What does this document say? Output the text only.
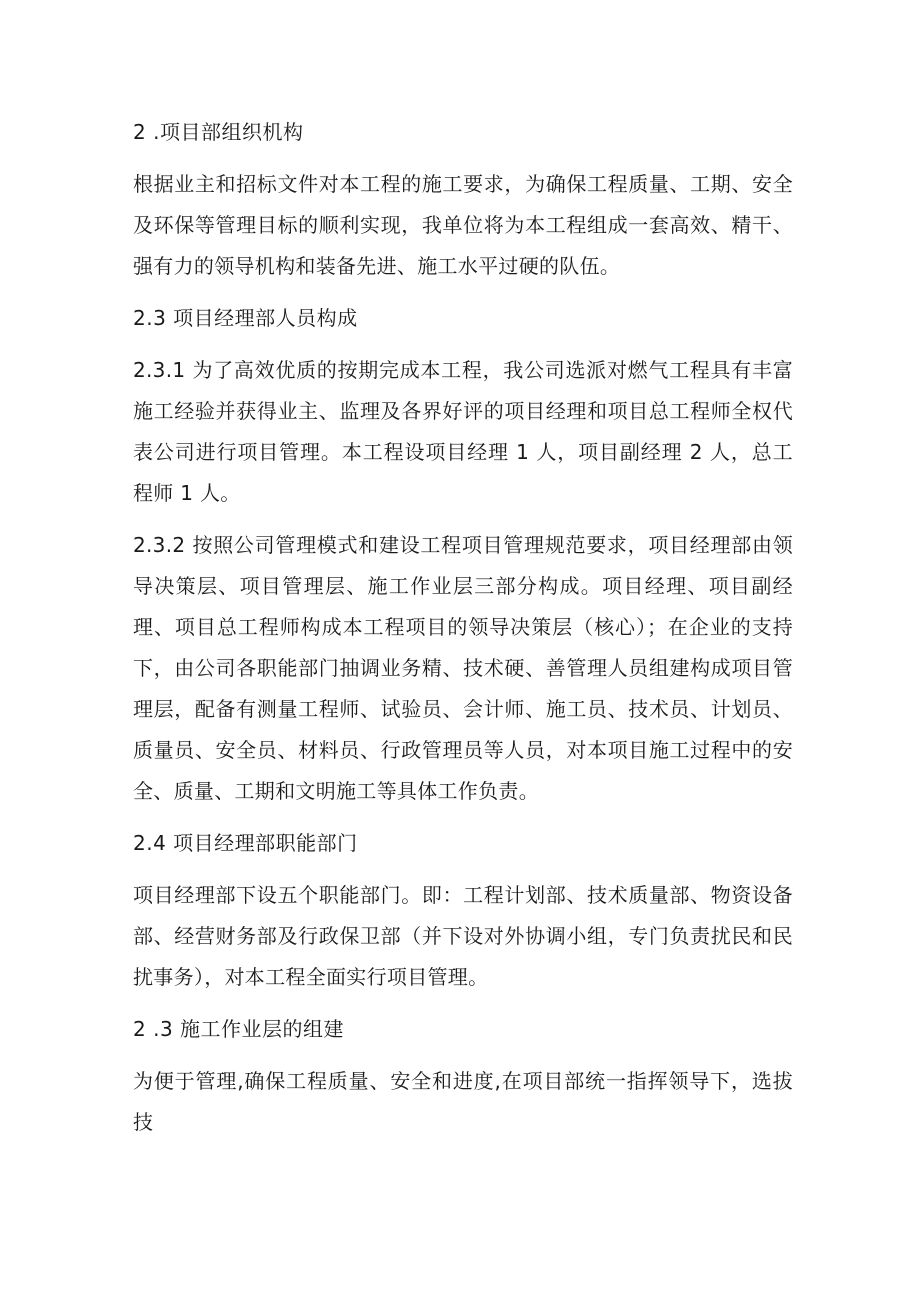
2 .项目部组织机构

根据业主和招标文件对本工程的施工要求，为确保工程质量、工期、安全及环保等管理目标的顺利实现，我单位将为本工程组成一套高效、精干、强有力的领导机构和装备先进、施工水平过硬的队伍。

2.3 项目经理部人员构成

2.3.1 为了高效优质的按期完成本工程，我公司选派对燃气工程具有丰富施工经验并获得业主、监理及各界好评的项目经理和项目总工程师全权代表公司进行项目管理。本工程设项目经理 1 人，项目副经理 2 人，总工程师 1 人。

2.3.2 按照公司管理模式和建设工程项目管理规范要求，项目经理部由领导决策层、项目管理层、施工作业层三部分构成。项目经理、项目副经理、项目总工程师构成本工程项目的领导决策层（核心）；在企业的支持下，由公司各职能部门抽调业务精、技术硬、善管理人员组建构成项目管理层，配备有测量工程师、试验员、会计师、施工员、技术员、计划员、质量员、安全员、材料员、行政管理员等人员，对本项目施工过程中的安全、质量、工期和文明施工等具体工作负责。

2.4 项目经理部职能部门

项目经理部下设五个职能部门。即：工程计划部、技术质量部、物资设备部、经营财务部及行政保卫部（并下设对外协调小组，专门负责扰民和民扰事务），对本工程全面实行项目管理。

2 .3 施工作业层的组建

为便于管理,确保工程质量、安全和进度,在项目部统一指挥领导下，选拔技
